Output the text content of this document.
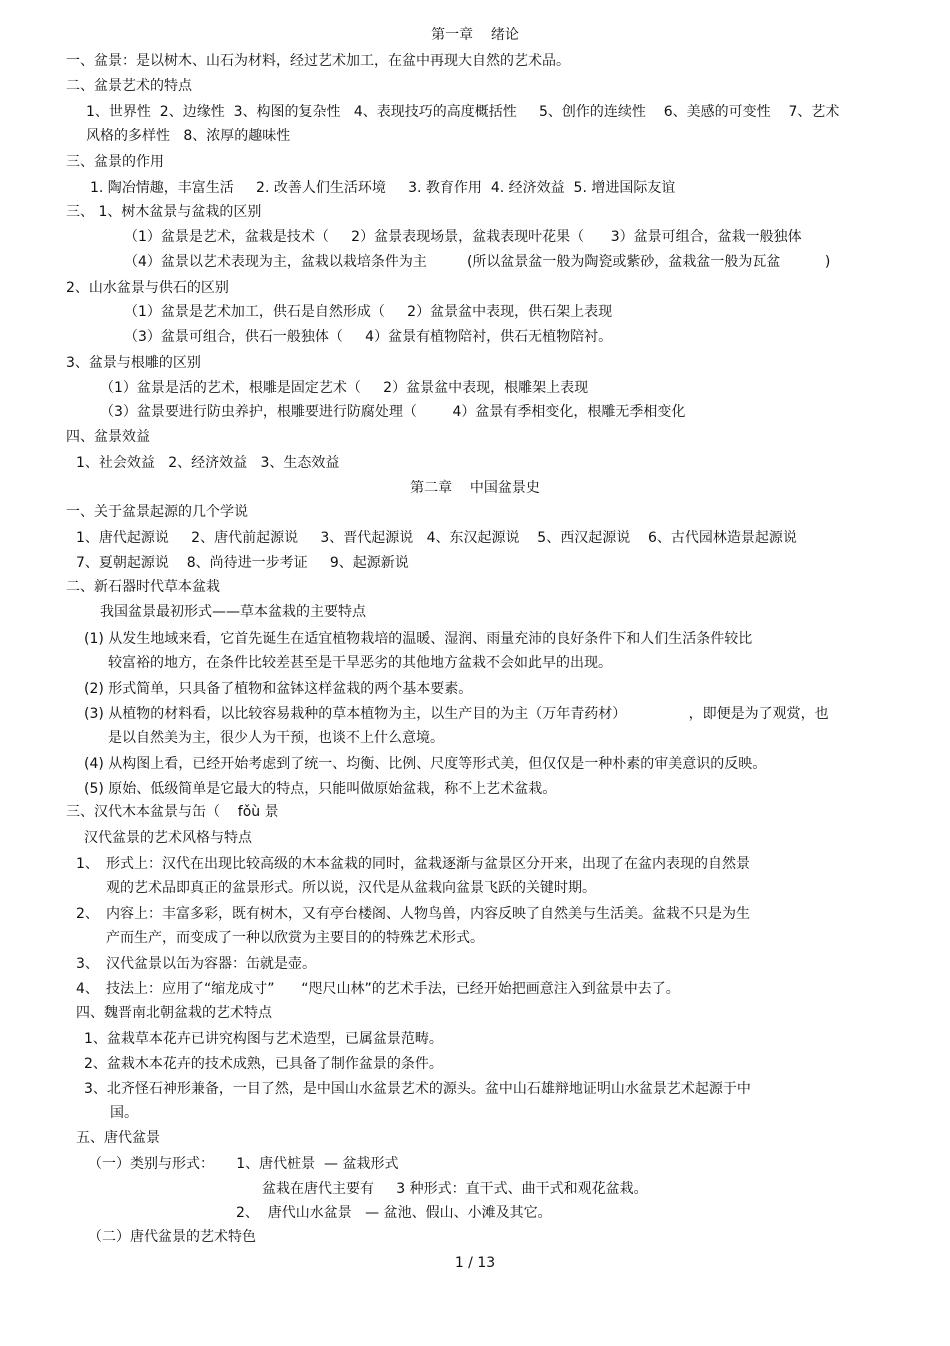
第一章    绪论
一、盆景：是以树木、山石为材料，经过艺术加工，在盆中再现大自然的艺术品。
二、盆景艺术的特点
1、世界性  2、边缘性  3、构图的复杂性   4、表现技巧的高度概括性     5、创作的连续性    6、美感的可变性    7、艺术
风格的多样性   8、浓厚的趣味性
三、盆景的作用
1. 陶冶情趣，丰富生活     2. 改善人们生活环境     3. 教育作用  4. 经济效益  5. 增进国际友谊
三、 1、树木盆景与盆栽的区别
（1）盆景是艺术，盆栽是技术（     2）盆景表现场景，盆栽表现叶花果（      3）盆景可组合，盆栽一般独体
（4）盆景以艺术表现为主，盆栽以栽培条件为主         (所以盆景盆一般为陶瓷或紫砂，盆栽盆一般为瓦盆          )
2、山水盆景与供石的区别
（1）盆景是艺术加工，供石是自然形成（     2）盆景盆中表现，供石架上表现
（3）盆景可组合，供石一般独体（     4）盆景有植物陪衬，供石无植物陪衬。
3、盆景与根雕的区别
（1）盆景是活的艺术，根雕是固定艺术（     2）盆景盆中表现，根雕架上表现
（3）盆景要进行防虫养护，根雕要进行防腐处理（        4）盆景有季相变化，根雕无季相变化
四、盆景效益
1、社会效益   2、经济效益   3、生态效益
第二章    中国盆景史
一、关于盆景起源的几个学说
1、唐代起源说     2、唐代前起源说     3、晋代起源说   4、东汉起源说    5、西汉起源说    6、古代园林造景起源说
7、夏朝起源说    8、尚待进一步考证     9、起源新说
二、新石器时代草本盆栽
我国盆景最初形式——草本盆栽的主要特点
(1) 从发生地域来看，它首先诞生在适宜植物栽培的温暖、湿润、雨量充沛的良好条件下和人们生活条件较比
较富裕的地方，在条件比较差甚至是干旱恶劣的其他地方盆栽不会如此早的出现。
(2) 形式简单，只具备了植物和盆钵这样盆栽的两个基本要素。
(3) 从植物的材料看，以比较容易栽种的草本植物为主，以生产目的为主（万年青药材）              ，即便是为了观赏，也
是以自然美为主，很少人为干预，也谈不上什么意境。
(4) 从构图上看，已经开始考虑到了统一、均衡、比例、尺度等形式美，但仅仅是一种朴素的审美意识的反映。
(5) 原始、低级简单是它最大的特点，只能叫做原始盆栽，称不上艺术盆栽。
三、汉代木本盆景与缶（    fǒù 景
汉代盆景的艺术风格与特点
1、 形式上：汉代在出现比较高级的木本盆栽的同时，盆栽逐渐与盆景区分开来，出现了在盆内表现的自然景
观的艺术品即真正的盆景形式。所以说，汉代是从盆栽向盆景飞跃的关键时期。
2、 内容上：丰富多彩，既有树木，又有亭台楼阁、人物鸟兽，内容反映了自然美与生活美。盆栽不只是为生
产而生产，而变成了一种以欣赏为主要目的的特殊艺术形式。
3、 汉代盆景以缶为容器：缶就是壶。
4、 技法上：应用了“缩龙成寸”      “咫尺山林”的艺术手法，已经开始把画意注入到盆景中去了。
四、魏晋南北朝盆栽的艺术特点
1、盆栽草本花卉已讲究构图与艺术造型，已属盆景范畴。
2、盆栽木本花卉的技术成熟，已具备了制作盆景的条件。
3、北齐怪石神形兼备，一目了然，是中国山水盆景艺术的源头。盆中山石雄辩地证明山水盆景艺术起源于中
国。
五、唐代盆景
（一）类别与形式：     1、唐代桩景  — 盆栽形式
盆栽在唐代主要有     3 种形式：直干式、曲干式和观花盆栽。
2、  唐代山水盆景   — 盆池、假山、小滩及其它。
（二）唐代盆景的艺术特色
1 / 13
